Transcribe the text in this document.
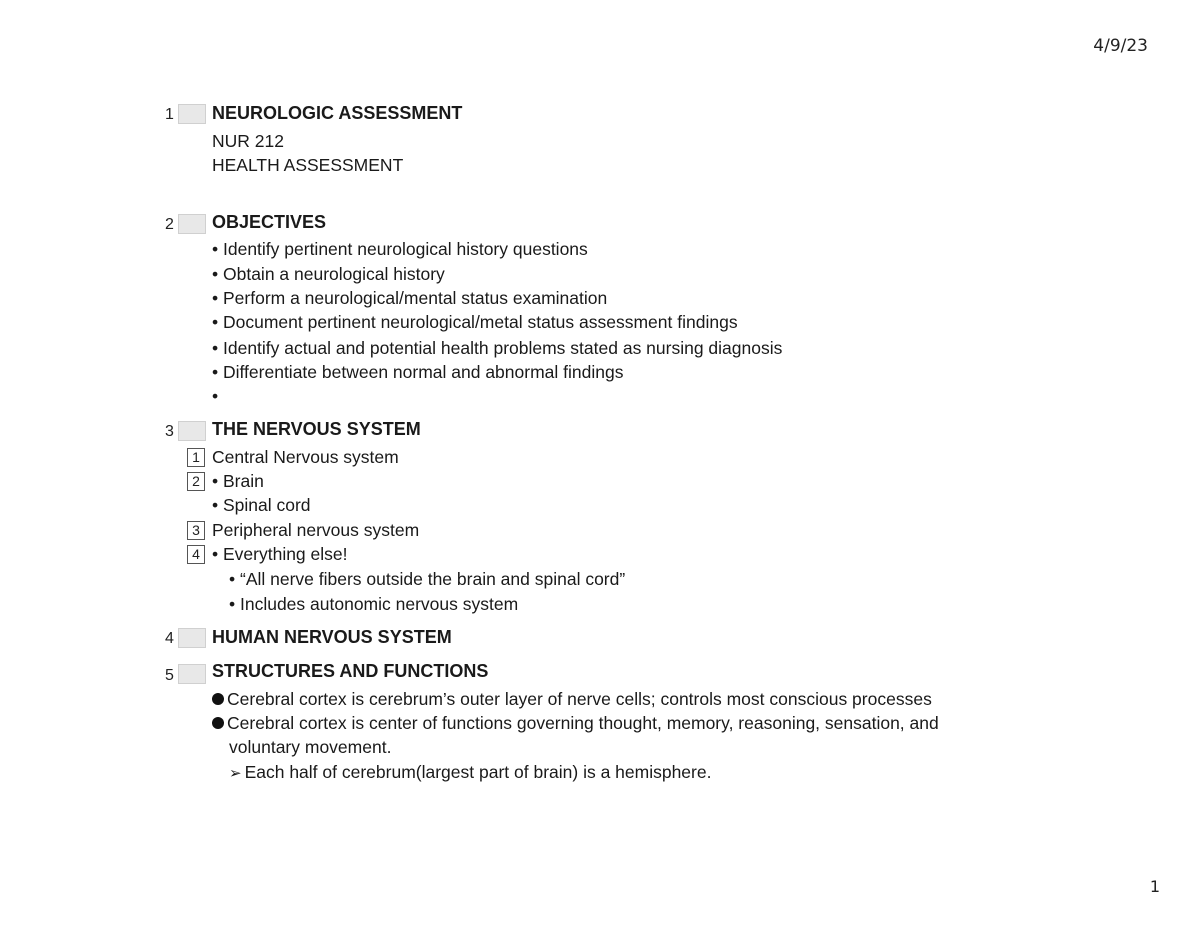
4/9/23
1 NEUROLOGIC ASSESSMENT
NUR 212
HEALTH ASSESSMENT
2 OBJECTIVES
• Identify pertinent neurological history questions
• Obtain a neurological history
• Perform a neurological/mental status examination
• Document pertinent neurological/metal status assessment findings
• Identify actual and potential health problems stated as nursing diagnosis
• Differentiate between normal and abnormal findings
•
3 THE NERVOUS SYSTEM
1 Central Nervous system
2 • Brain
• Spinal cord
3 Peripheral nervous system
4 • Everything else!
• “All nerve fibers outside the brain and spinal cord”
• Includes autonomic nervous system
4 HUMAN NERVOUS SYSTEM
5 STRUCTURES AND FUNCTIONS
Cerebral cortex is cerebrum’s outer layer of nerve cells; controls most conscious processes
Cerebral cortex is center of functions governing thought, memory, reasoning, sensation, and
voluntary movement.
➢ Each half of cerebrum(largest part of brain) is a hemisphere.
1
